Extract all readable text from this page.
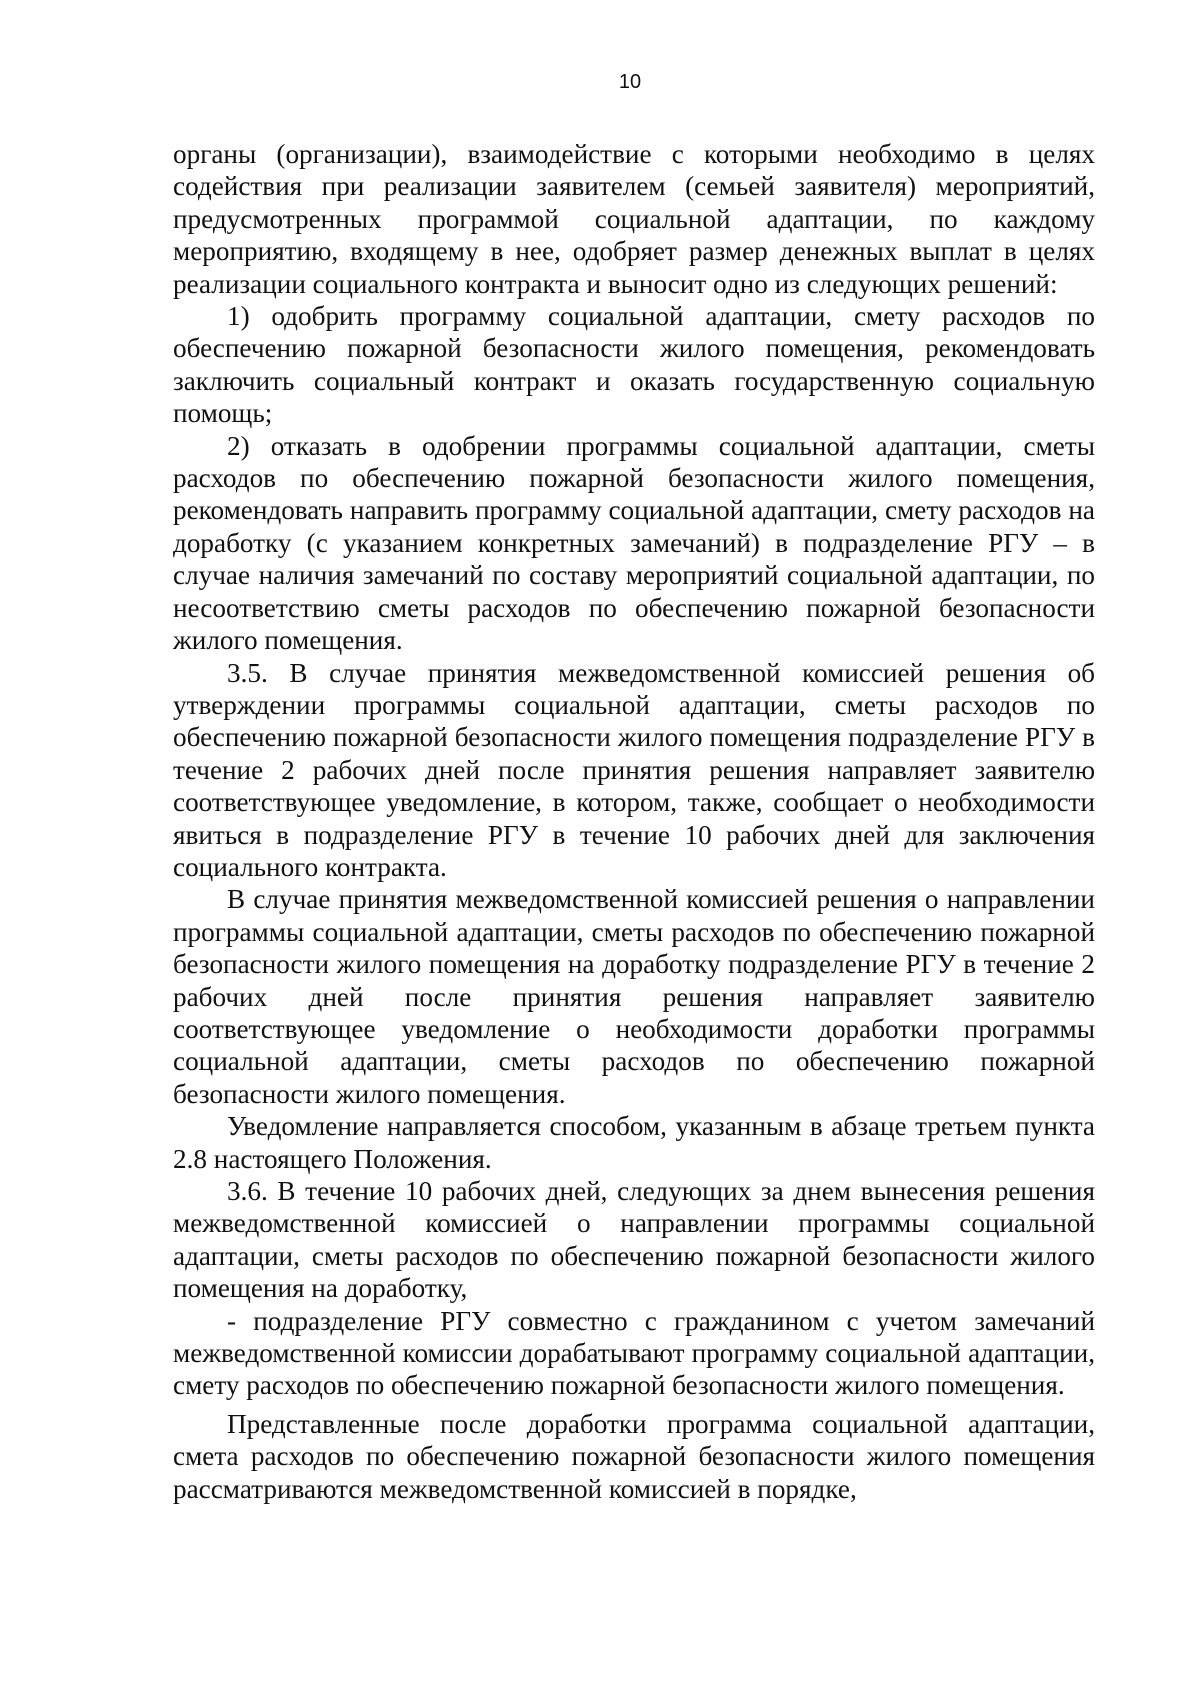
10

органы (организации), взаимодействие с которыми необходимо в целях содействия при реализации заявителем (семьей заявителя) мероприятий, предусмотренных программой социальной адаптации, по каждому мероприятию, входящему в нее, одобряет размер денежных выплат в целях реализации социального контракта и выносит одно из следующих решений:

1) одобрить программу социальной адаптации, смету расходов по обеспечению пожарной безопасности жилого помещения, рекомендовать заключить социальный контракт и оказать государственную социальную помощь;

2) отказать в одобрении программы социальной адаптации, сметы расходов по обеспечению пожарной безопасности жилого помещения, рекомендовать направить программу социальной адаптации, смету расходов на доработку (с указанием конкретных замечаний) в подразделение РГУ – в случае наличия замечаний по составу мероприятий социальной адаптации, по несоответствию сметы расходов по обеспечению пожарной безопасности жилого помещения.

3.5. В случае принятия межведомственной комиссией решения об утверждении программы социальной адаптации, сметы расходов по обеспечению пожарной безопасности жилого помещения подразделение РГУ в течение 2 рабочих дней после принятия решения направляет заявителю соответствующее уведомление, в котором, также, сообщает о необходимости явиться в подразделение РГУ в течение 10 рабочих дней для заключения социального контракта.

В случае принятия межведомственной комиссией решения о направлении программы социальной адаптации, сметы расходов по обеспечению пожарной безопасности жилого помещения на доработку подразделение РГУ в течение 2 рабочих дней после принятия решения направляет заявителю соответствующее уведомление о необходимости доработки программы социальной адаптации, сметы расходов по обеспечению пожарной безопасности жилого помещения.

Уведомление направляется способом, указанным в абзаце третьем пункта 2.8 настоящего Положения.

3.6. В течение 10 рабочих дней, следующих за днем вынесения решения межведомственной комиссией о направлении программы социальной адаптации, сметы расходов по обеспечению пожарной безопасности жилого помещения на доработку,

- подразделение РГУ совместно с гражданином с учетом замечаний межведомственной комиссии дорабатывают программу социальной адаптации, смету расходов по обеспечению пожарной безопасности жилого помещения.

Представленные после доработки программа социальной адаптации, смета расходов по обеспечению пожарной безопасности жилого помещения рассматриваются межведомственной комиссией в порядке,
